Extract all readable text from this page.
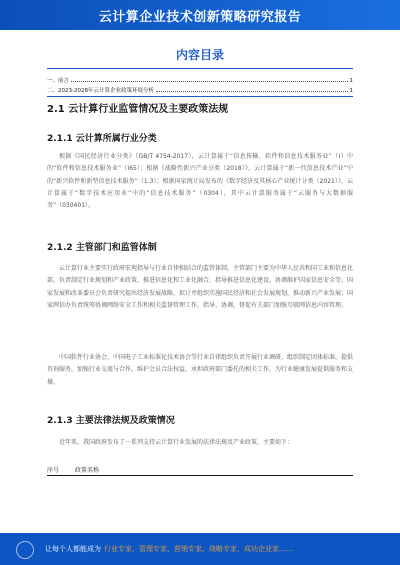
云计算企业技术创新策略研究报告
内容目录
一、前言	1
二、2023-2028年云计算企业政策环境分析	1
2.1 云计算行业监管情况及主要政策法规
2.1.1 云计算所属行业分类
根据《国民经济行业分类》（GB/T 4754-2017），云计算属于“信息传输、软件和信息技术服务业”（I）中的“软件和信息技术服务业”（I65）；根据《战略性新兴产业分类（2018）》，云计算属于“新一代信息技术产业”中的“新兴软件和新型信息技术服务”（1.3）；根据国家统计局发布的《数字经济及其核心产业统计分类（2021）》，云计算属于“数字技术应用业”中的“信息技术服务”（0304），其中云计算服务属于“云服务与大数据服务”（030401）。
2.1.2 主管部门和监管体制
云计算行业主要实行政府宏观指导与行业自律相结合的监管体制，主管部门主要为中华人民共和国工业和信息化部，负责制定行业规划和产业政策，推进信息化和工业化融合，指导推进信息化建设，协调维护国家信息安全等；国家发展和改革委员会负责研究提出经济发展战略，拟订并组织实施国民经济和社会发展规划，推动新兴产业发展；国家网信办负责统筹协调网络安全工作和相关监督管理工作，指导、协调、督促有关部门加强互联网信息内容管理。
中国软件行业协会、中国电子工业标准化技术协会等行业自律组织负责开展行业调研，组织制定团体标准，提供咨询服务，加强行业交流与合作，维护会员合法权益，承担政府部门委托的相关工作，为行业健康发展提供服务和支撑。
2.1.3 主要法律法规及政策情况
近年来，我国政府发布了一系列支持云计算行业发展的法律法规及产业政策，主要如下：
序号	政策名称
让每个人都能成为 行业专家、管理专家、营销专家、战略专家、成功企业家……
